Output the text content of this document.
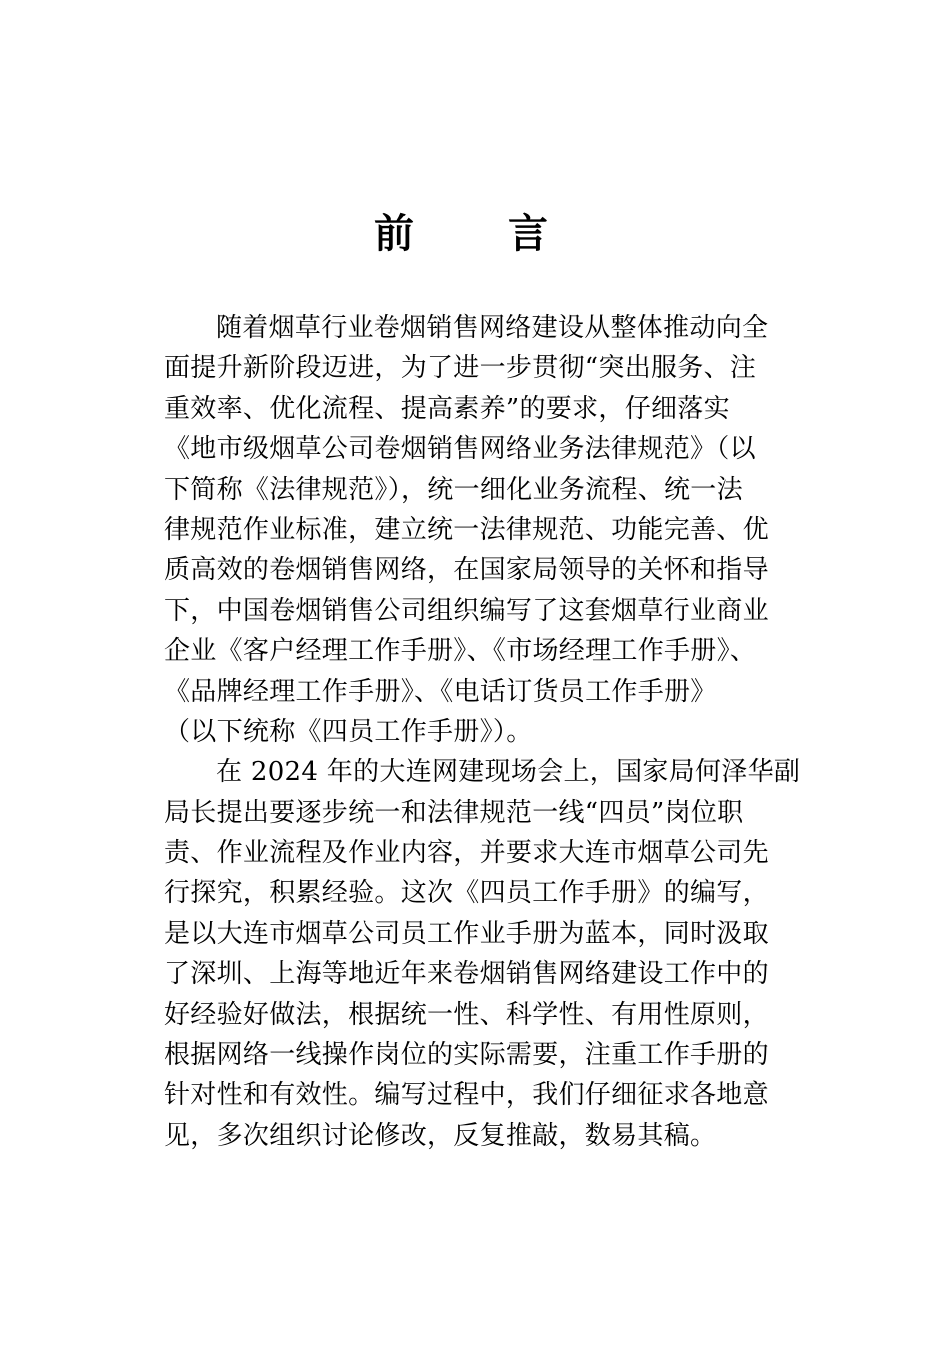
前 言
随着烟草行业卷烟销售网络建设从整体推动向全
面提升新阶段迈进，为了进一步贯彻“突出服务、注
重效率、优化流程、提高素养”的要求，仔细落实
《地市级烟草公司卷烟销售网络业务法律规范》（以
下简称《法律规范》），统一细化业务流程、统一法
律规范作业标准，建立统一法律规范、功能完善、优
质高效的卷烟销售网络，在国家局领导的关怀和指导
下，中国卷烟销售公司组织编写了这套烟草行业商业
企业《客户经理工作手册》、《市场经理工作手册》、
《品牌经理工作手册》、《电话订货员工作手册》
（以下统称《四员工作手册》）。
在 2024 年的大连网建现场会上，国家局何泽华副
局长提出要逐步统一和法律规范一线“四员”岗位职
责、作业流程及作业内容，并要求大连市烟草公司先
行探究，积累经验。这次《四员工作手册》的编写，
是以大连市烟草公司员工作业手册为蓝本，同时汲取
了深圳、上海等地近年来卷烟销售网络建设工作中的
好经验好做法，根据统一性、科学性、有用性原则，
根据网络一线操作岗位的实际需要，注重工作手册的
针对性和有效性。编写过程中，我们仔细征求各地意
见，多次组织讨论修改，反复推敲，数易其稿。
